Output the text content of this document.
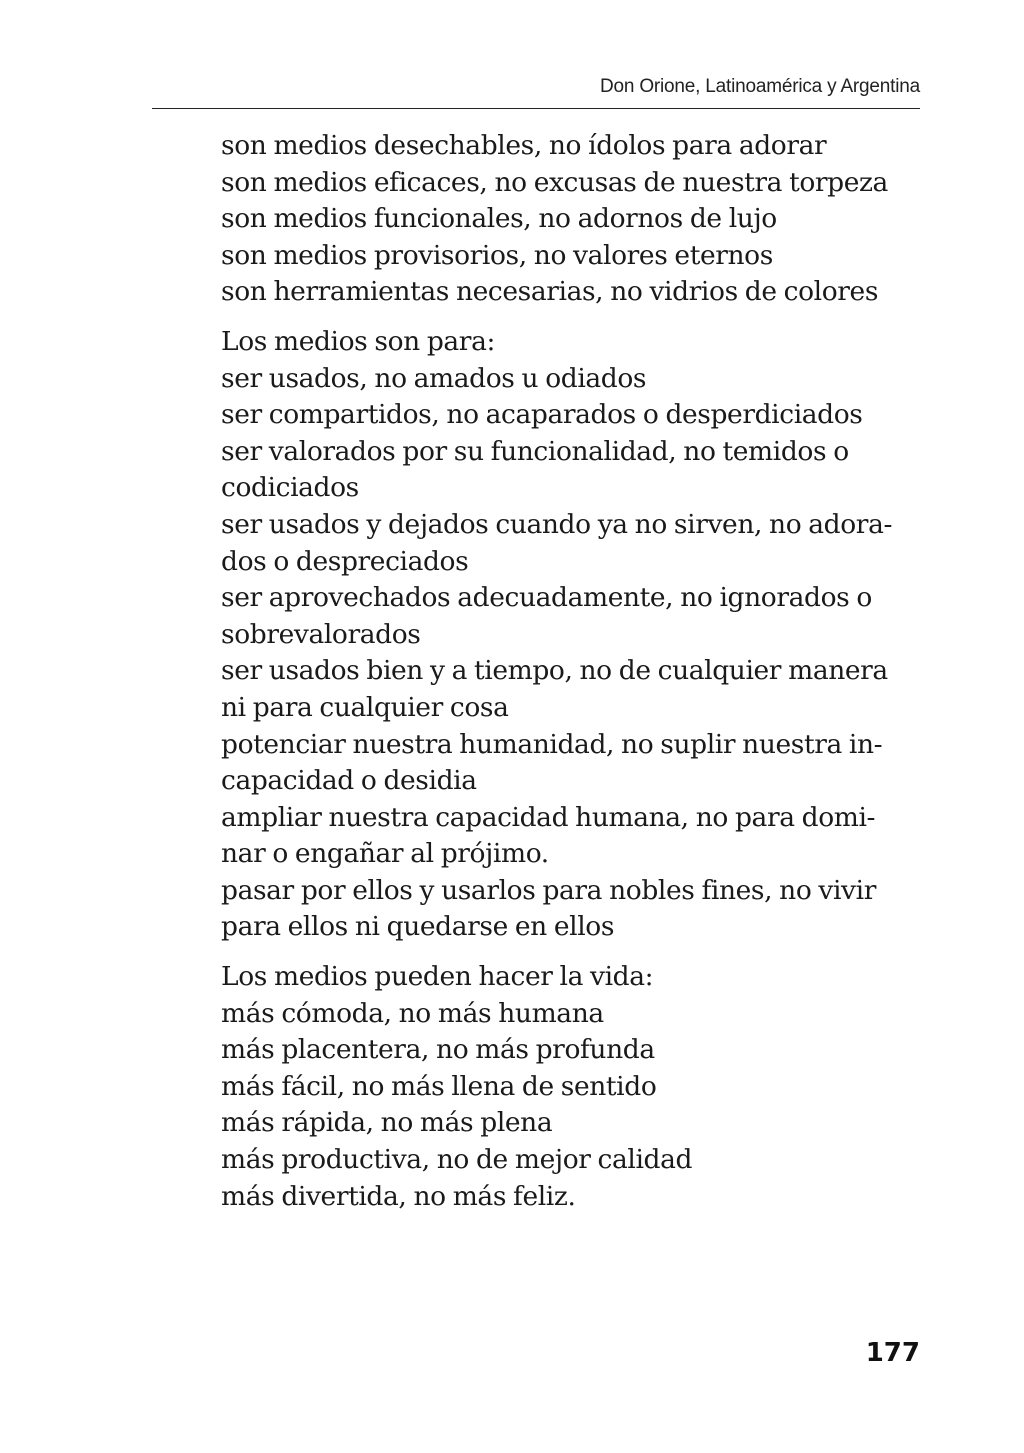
Don Orione, Latinoamérica y Argentina

son medios desechables, no ídolos para adorar
son medios eficaces, no excusas de nuestra torpeza
son medios funcionales, no adornos de lujo
son medios provisorios, no valores eternos
son herramientas necesarias, no vidrios de colores

Los medios son para:
ser usados, no amados u odiados
ser compartidos, no acaparados o desperdiciados
ser valorados por su funcionalidad, no temidos o
codiciados
ser usados y dejados cuando ya no sirven, no adora-
dos o despreciados
ser aprovechados adecuadamente, no ignorados o
sobrevalorados
ser usados bien y a tiempo, no de cualquier manera
ni para cualquier cosa
potenciar nuestra humanidad, no suplir nuestra in-
capacidad o desidia
ampliar nuestra capacidad humana, no para domi-
nar o engañar al prójimo.
pasar por ellos y usarlos para nobles fines, no vivir
para ellos ni quedarse en ellos

Los medios pueden hacer la vida:
más cómoda, no más humana
más placentera, no más profunda
más fácil, no más llena de sentido
más rápida, no más plena
más productiva, no de mejor calidad
más divertida, no más feliz.

177
